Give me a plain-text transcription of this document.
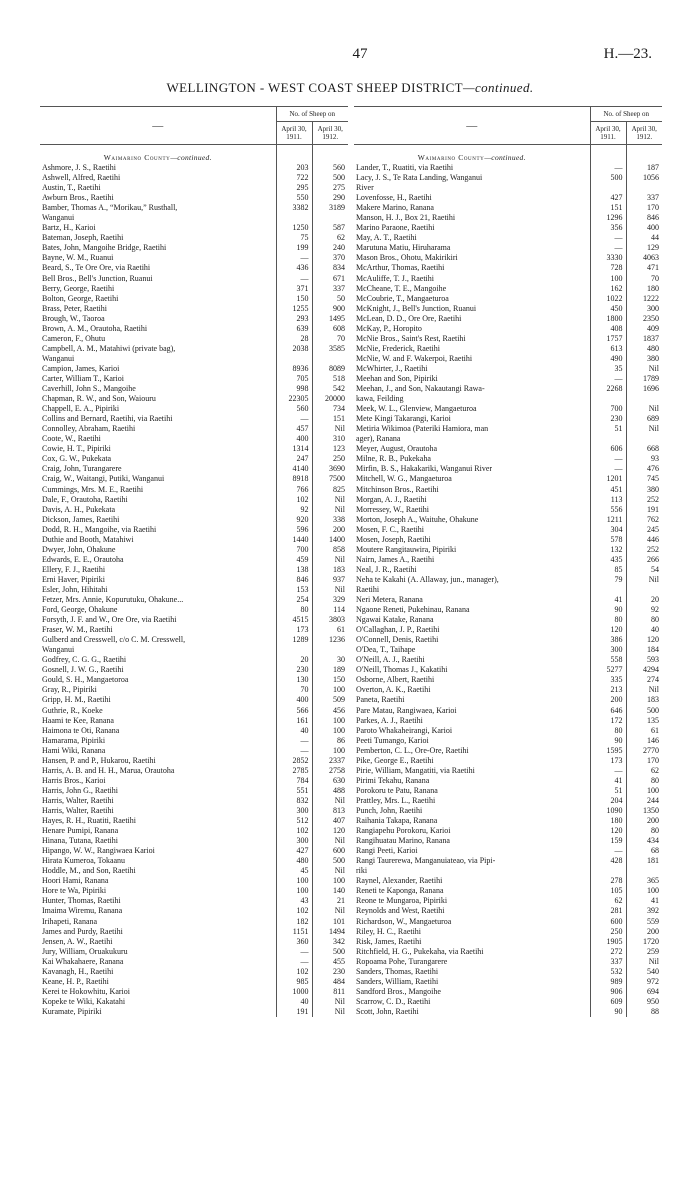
47	H.—23.
WELLINGTON - WEST COAST SHEEP DISTRICT—continued.
—	No. of Sheep on	
	April 30, 1911.	April 30, 1912.
Waimarino County—continued.		
Ashmore, J. S., Raetihi	203	560
Ashwell, Alfred, Raetihi	722	500
Austin, T., Raetihi	295	275
Awburn Bros., Raetihi	550	290
Bamber, Thomas A., “Morikau,” Rusthall,	3382	3189
Wanganui		
Bartz, H., Karioi	1250	587
Bateman, Joseph, Raetihi	75	62
Bates, John, Mangoihe Bridge, Raetihi	199	240
Bayne, W. M., Ruanui	—	370
Beard, S., Te Ore Ore, via Raetihi	436	834
Bell Bros., Bell's Junction, Ruanui	—	671
Berry, George, Raetihi	371	337
Bolton, George, Raetihi	150	50
Brass, Peter, Raetihi	1255	900
Brough, W., Taoroa	293	1495
Brown, A. M., Orautoha, Raetihi	639	608
Cameron, F., Ohutu	28	70
Campbell, A. M., Matahiwi (private bag),	2038	3585
Wanganui		
Campion, James, Karioi	8936	8089
Carter, William T., Karioi	705	518
Caverhill, John S., Mangoihe	998	542
Chapman, R. W., and Son, Waiouru	22305	20000
Chappell, E. A., Pipiriki	560	734
Collins and Bernard, Raetihi, via Raetihi	—	151
Connolley, Abraham, Raetihi	457	Nil
Coote, W., Raetihi	400	310
Cowie, H. T., Pipiriki	1314	123
Cox, G. W., Pukekata	247	250
Craig, John, Turangarere	4140	3690
Craig, W., Waitangi, Putiki, Wanganui	8918	7500
Cummings, Mrs. M. E., Raetihi	766	825
Dale, F., Orautoha, Raetihi	102	Nil
Davis, A. H., Pukekata	92	Nil
Dickson, James, Raetihi	920	338
Dodd, R. H., Mangoihe, via Raetihi	596	200
Duthie and Booth, Matahiwi	1440	1400
Dwyer, John, Ohakune	700	858
Edwards, E. E., Orautoha	459	Nil
Ellery, F. J., Raetihi	138	183
Erni Haver, Pipiriki	846	937
Esler, John, Hihitahi	153	Nil
Fetzer, Mrs. Annie, Kopurutuku, Ohakune...	254	329
Ford, George, Ohakune	80	114
Forsyth, J. F. and W., Ore Ore, via Raetihi	4515	3803
Fraser, W. M., Raetihi	173	61
Gulberd and Cresswell, c/o C. M. Cresswell,	1289	1236
Wanganui		
Godfrey, C. G. G., Raetihi	20	30
Gosnell, J. W. G., Raetihi	230	189
Gould, S. H., Mangaetoroa	130	150
Gray, R., Pipiriki	70	100
Gripp, H. M., Raetihi	400	509
Guthrie, R., Koeke	566	456
Haami te Kee, Ranana	161	100
Haimona te Oti, Ranana	40	100
Hamarama, Pipiriki	—	86
Hami Wiki, Ranana	—	100
Hansen, P. and P., Hukarou, Raetihi	2852	2337
Harris, A. B. and H. H., Marua, Orautoha	2785	2758
Harris Bros., Karioi	784	630
Harris, John G., Raetihi	551	488
Harris, Walter, Raetihi	832	Nil
Harris, Walter, Raetihi	300	813
Hayes, R. H., Ruatiti, Raetihi	512	407
Henare Pumipi, Ranana	102	120
Hinana, Tutana, Raetihi	300	Nil
Hipango, W. W., Rangiwaea Karioi	427	600
Hirata Kumeroa, Tokaanu	480	500
Hoddle, M., and Son, Raetihi	45	Nil
Hoori Hami, Ranana	100	100
Hore te Wa, Pipiriki	100	140
Hunter, Thomas, Raetihi	43	21
Imaima Wiremu, Ranana	102	Nil
Irihapeti, Ranana	182	101
James and Purdy, Raetihi	1151	1494
Jensen, A. W., Raetihi	360	342
Jury, William, Oruakukuru	—	500
Kai Whakahaere, Ranana	—	455
Kavanagh, H., Raetihi	102	230
Keane, H. P., Raetihi	985	484
Kerei te Hokowhitu, Karioi	1000	811
Kopeke te Wiki, Kakatahi	40	Nil
Kuramate, Pipiriki	191	Nil
—	No. of Sheep on	
	April 30, 1911.	April 30, 1912.
Waimarino County—continued.		
Lander, T., Ruatiti, via Raetihi	—	187
Lacy, J. S., Te Rata Landing, Wanganui	500	1056
River		
Lovenfosse, H., Raetihi	427	337
Makere Marino, Ranana	151	170
Manson, H. J., Box 21, Raetihi	1296	846
Marino Paraone, Raetihi	356	400
May, A. T., Raetihi	—	44
Marutuna Matiu, Hiruharama	—	129
Mason Bros., Ohotu, Makirikiri	3330	4063
McArthur, Thomas, Raetihi	728	471
McAuliffe, T. J., Raetihi	100	70
McCheane, T. E., Mangoihe	162	180
McCoubrie, T., Mangaeturoa	1022	1222
McKnight, J., Bell's Junction, Ruanui	450	300
McLean, D. D., Ore Ore, Raetihi	1800	2350
McKay, P., Horopito	408	409
McNie Bros., Saint's Rest, Raetihi	1757	1837
McNie, Frederick, Raetihi	613	480
McNie, W. and F. Wakerpoi, Raetihi	490	380
McWhirter, J., Raetihi	35	Nil
Meehan and Son, Pipiriki	—	1789
Meehan, J., and Son, Nakautangi Rawa-	2268	1696
kawa, Feilding		
Meek, W. L., Glenview, Mangaeturoa	700	Nil
Mete Kingi Takarangi, Karioi	230	689
Metiria Wikimoa (Pateriki Hamiora, man	51	Nil
ager), Ranana		
Meyer, August, Orautoha	606	668
Milne, R. B., Pukekaha	—	93
Mirfin, B. S., Hakakariki, Wanganui River	—	476
Mitchell, W. G., Mangaeturoa	1201	745
Mitchinson Bros., Raetihi	451	380
Morgan, A. J., Raetihi	113	252
Morressey, W., Raetihi	556	191
Morton, Joseph A., Waituhe, Ohakune	1211	762
Mosen, F. C., Raetihi	304	245
Mosen, Joseph, Raetihi	578	446
Moutere Rangitauwira, Pipiriki	132	252
Nairn, James A., Raetihi	435	266
Neal, J. R., Raetihi	85	54
Neha te Kakahi (A. Allaway, jun., manager),	79	Nil
Raetihi		
Neri Metera, Ranana	41	20
Ngaone Reneti, Pukehinau, Ranana	90	92
Ngawai Katake, Ranana	80	80
O'Callaghan, J. P., Raetihi	120	40
O'Connell, Denis, Raetihi	386	120
O'Dea, T., Taihape	300	184
O'Neill, A. J., Raetihi	558	593
O'Neill, Thomas J., Kakatihi	5277	4294
Osborne, Albert, Raetihi	335	274
Overton, A. K., Raetihi	213	Nil
Paneta, Raetihi	200	183
Pare Matau, Rangiwaea, Karioi	646	500
Parkes, A. J., Raetihi	172	135
Paroto Whakaheirangi, Karioi	80	61
Peeti Tumango, Karioi	90	146
Pemberton, C. L., Ore-Ore, Raetihi	1595	2770
Pike, George E., Raetihi	173	170
Pirie, William, Mangatiti, via Raetihi	—	62
Pirimi Tekahu, Ranana	41	80
Porokoru te Patu, Ranana	51	100
Prattley, Mrs. L., Raetihi	204	244
Punch, John, Raetihi	1090	1350
Raihania Takapa, Ranana	180	200
Rangiapehu Porokoru, Karioi	120	80
Rangihuatau Marino, Ranana	159	434
Rangi Peeti, Karioi	—	68
Rangi Taurerewa, Manganuiateao, via Pipi-	428	181
riki		
Raynel, Alexander, Raetihi	278	365
Reneti te Kaponga, Ranana	105	100
Reone te Mungaroa, Pipiriki	62	41
Reynolds and West, Raetihi	281	392
Richardson, W., Mangaeturoa	600	559
Riley, H. C., Raetihi	250	200
Risk, James, Raetihi	1905	1720
Ritchfield, H. G., Pukekaha, via Raetihi	272	259
Ropoama Pohe, Turangarere	337	Nil
Sanders, Thomas, Raetihi	532	540
Sanders, William, Raetihi	989	972
Sandford Bros., Mangoihe	906	694
Scarrow, C. D., Raetihi	609	950
Scott, John, Raetihi	90	88
